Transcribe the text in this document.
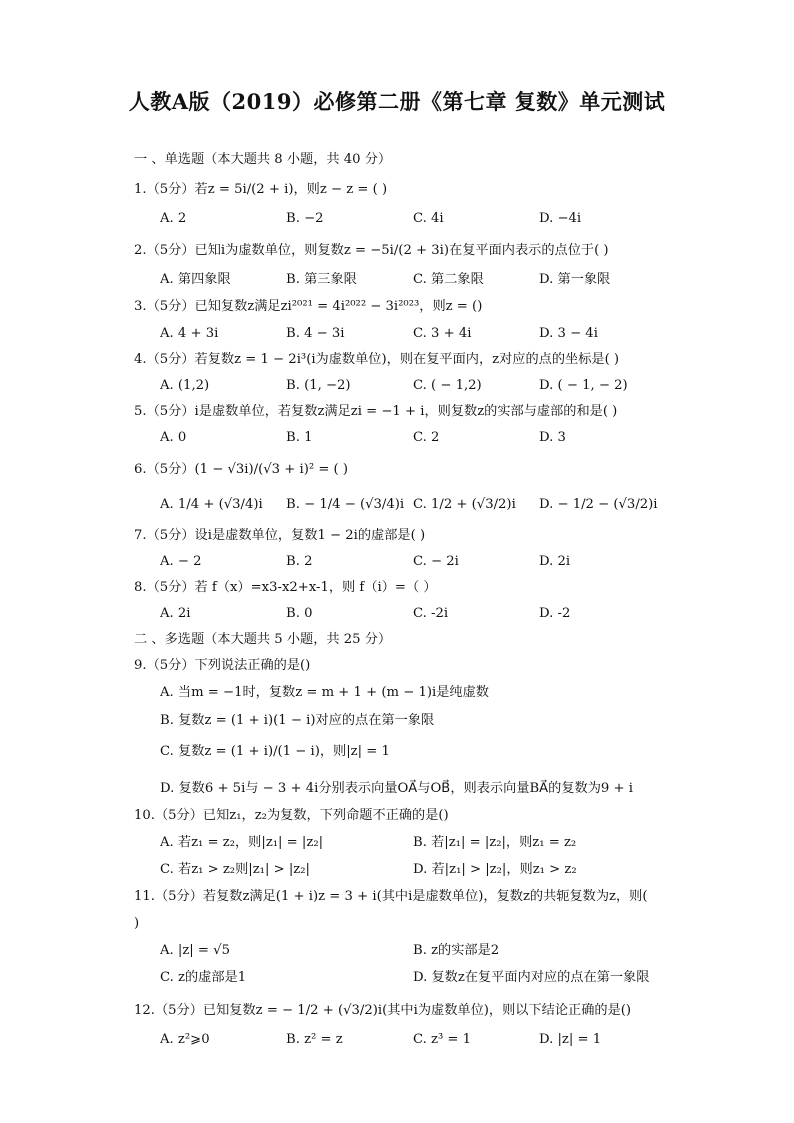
人教A版（2019）必修第二册《第七章 复数》单元测试
一 、单选题（本大题共 8 小题，共 40 分）
1.（5分）若z = 5i/(2 + i)，则z − z = ( )
A. 2	B. −2	C. 4i	D. −4i
2.（5分）已知i为虚数单位，则复数z = −5i/(2 + 3i)在复平面内表示的点位于( )
A. 第四象限	B. 第三象限	C. 第二象限	D. 第一象限
3.（5分）已知复数z满足zi²⁰²¹ = 4i²⁰²² − 3i²⁰²³，则z = ()
A. 4 + 3i	B. 4 − 3i	C. 3 + 4i	D. 3 − 4i
4.（5分）若复数z = 1 − 2i³(i为虚数单位)，则在复平面内，z对应的点的坐标是( )
A. (1,2)	B. (1, −2)	C. ( − 1,2)	D. ( − 1, − 2)
5.（5分）i是虚数单位，若复数z满足zi = −1 + i，则复数z的实部与虚部的和是( )
A. 0	B. 1	C. 2	D. 3
6.（5分）(1 − √3i)/(√3 + i)² = ( )
A. 1/4 + (√3/4)i B. − 1/4 − (√3/4)i C. 1/2 + (√3/2)i D. − 1/2 − (√3/2)i
7.（5分）设i是虚数单位，复数1 − 2i的虚部是( )
A. − 2	B. 2	C. − 2i	D. 2i
8.（5分）若 f（x）=x3-x2+x-1，则 f（i）=（ ）
A. 2i	B. 0	C. -2i	D. -2
二 、多选题（本大题共 5 小题，共 25 分）
9.（5分）下列说法正确的是()
A. 当m = −1时，复数z = m + 1 + (m − 1)i是纯虚数
B. 复数z = (1 + i)(1 − i)对应的点在第一象限
C. 复数z = (1 + i)/(1 − i)，则|z| = 1
D. 复数6 + 5i与 − 3 + 4i分别表示向量OA⃗与OB⃗，则表示向量BA⃗的复数为9 + i
10.（5分）已知z₁，z₂为复数，下列命题不正确的是()
A. 若z₁ = z₂，则|z₁| = |z₂|	B. 若|z₁| = |z₂|，则z₁ = z₂
C. 若z₁ > z₂则|z₁| > |z₂|	D. 若|z₁| > |z₂|，则z₁ > z₂
11.（5分）若复数z满足(1 + i)z = 3 + i(其中i是虚数单位)，复数z的共轭复数为z，则(
)
A. |z| = √5	B. z的实部是2
C. z的虚部是1	D. 复数z在复平面内对应的点在第一象限
12.（5分）已知复数z = − 1/2 + (√3/2)i(其中i为虚数单位)，则以下结论正确的是()
A. z²⩾0	B. z² = z	C. z³ = 1	D. |z| = 1
